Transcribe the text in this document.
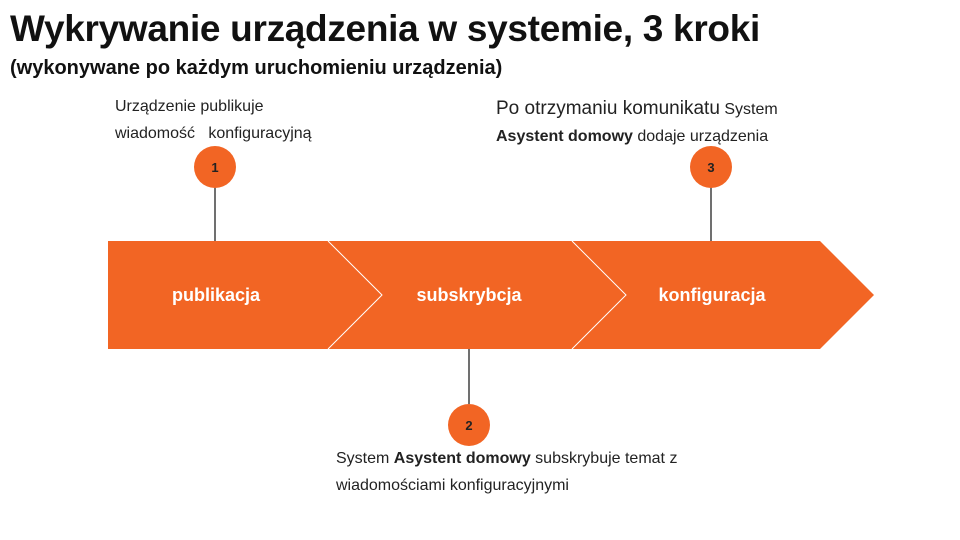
Wykrywanie urządzenia w systemie, 3 kroki
(wykonywane po każdym uruchomieniu urządzenia)
Urządzenie publikuje
wiadomość   konfiguracyjną
Po otrzymaniu komunikatu System
Asystent domowy dodaje urządzenia
System Asystent domowy subskrybuje temat z
wiadomościami konfiguracyjnymi
publikacja	subskrybcja	konfiguracja
1	3
2
